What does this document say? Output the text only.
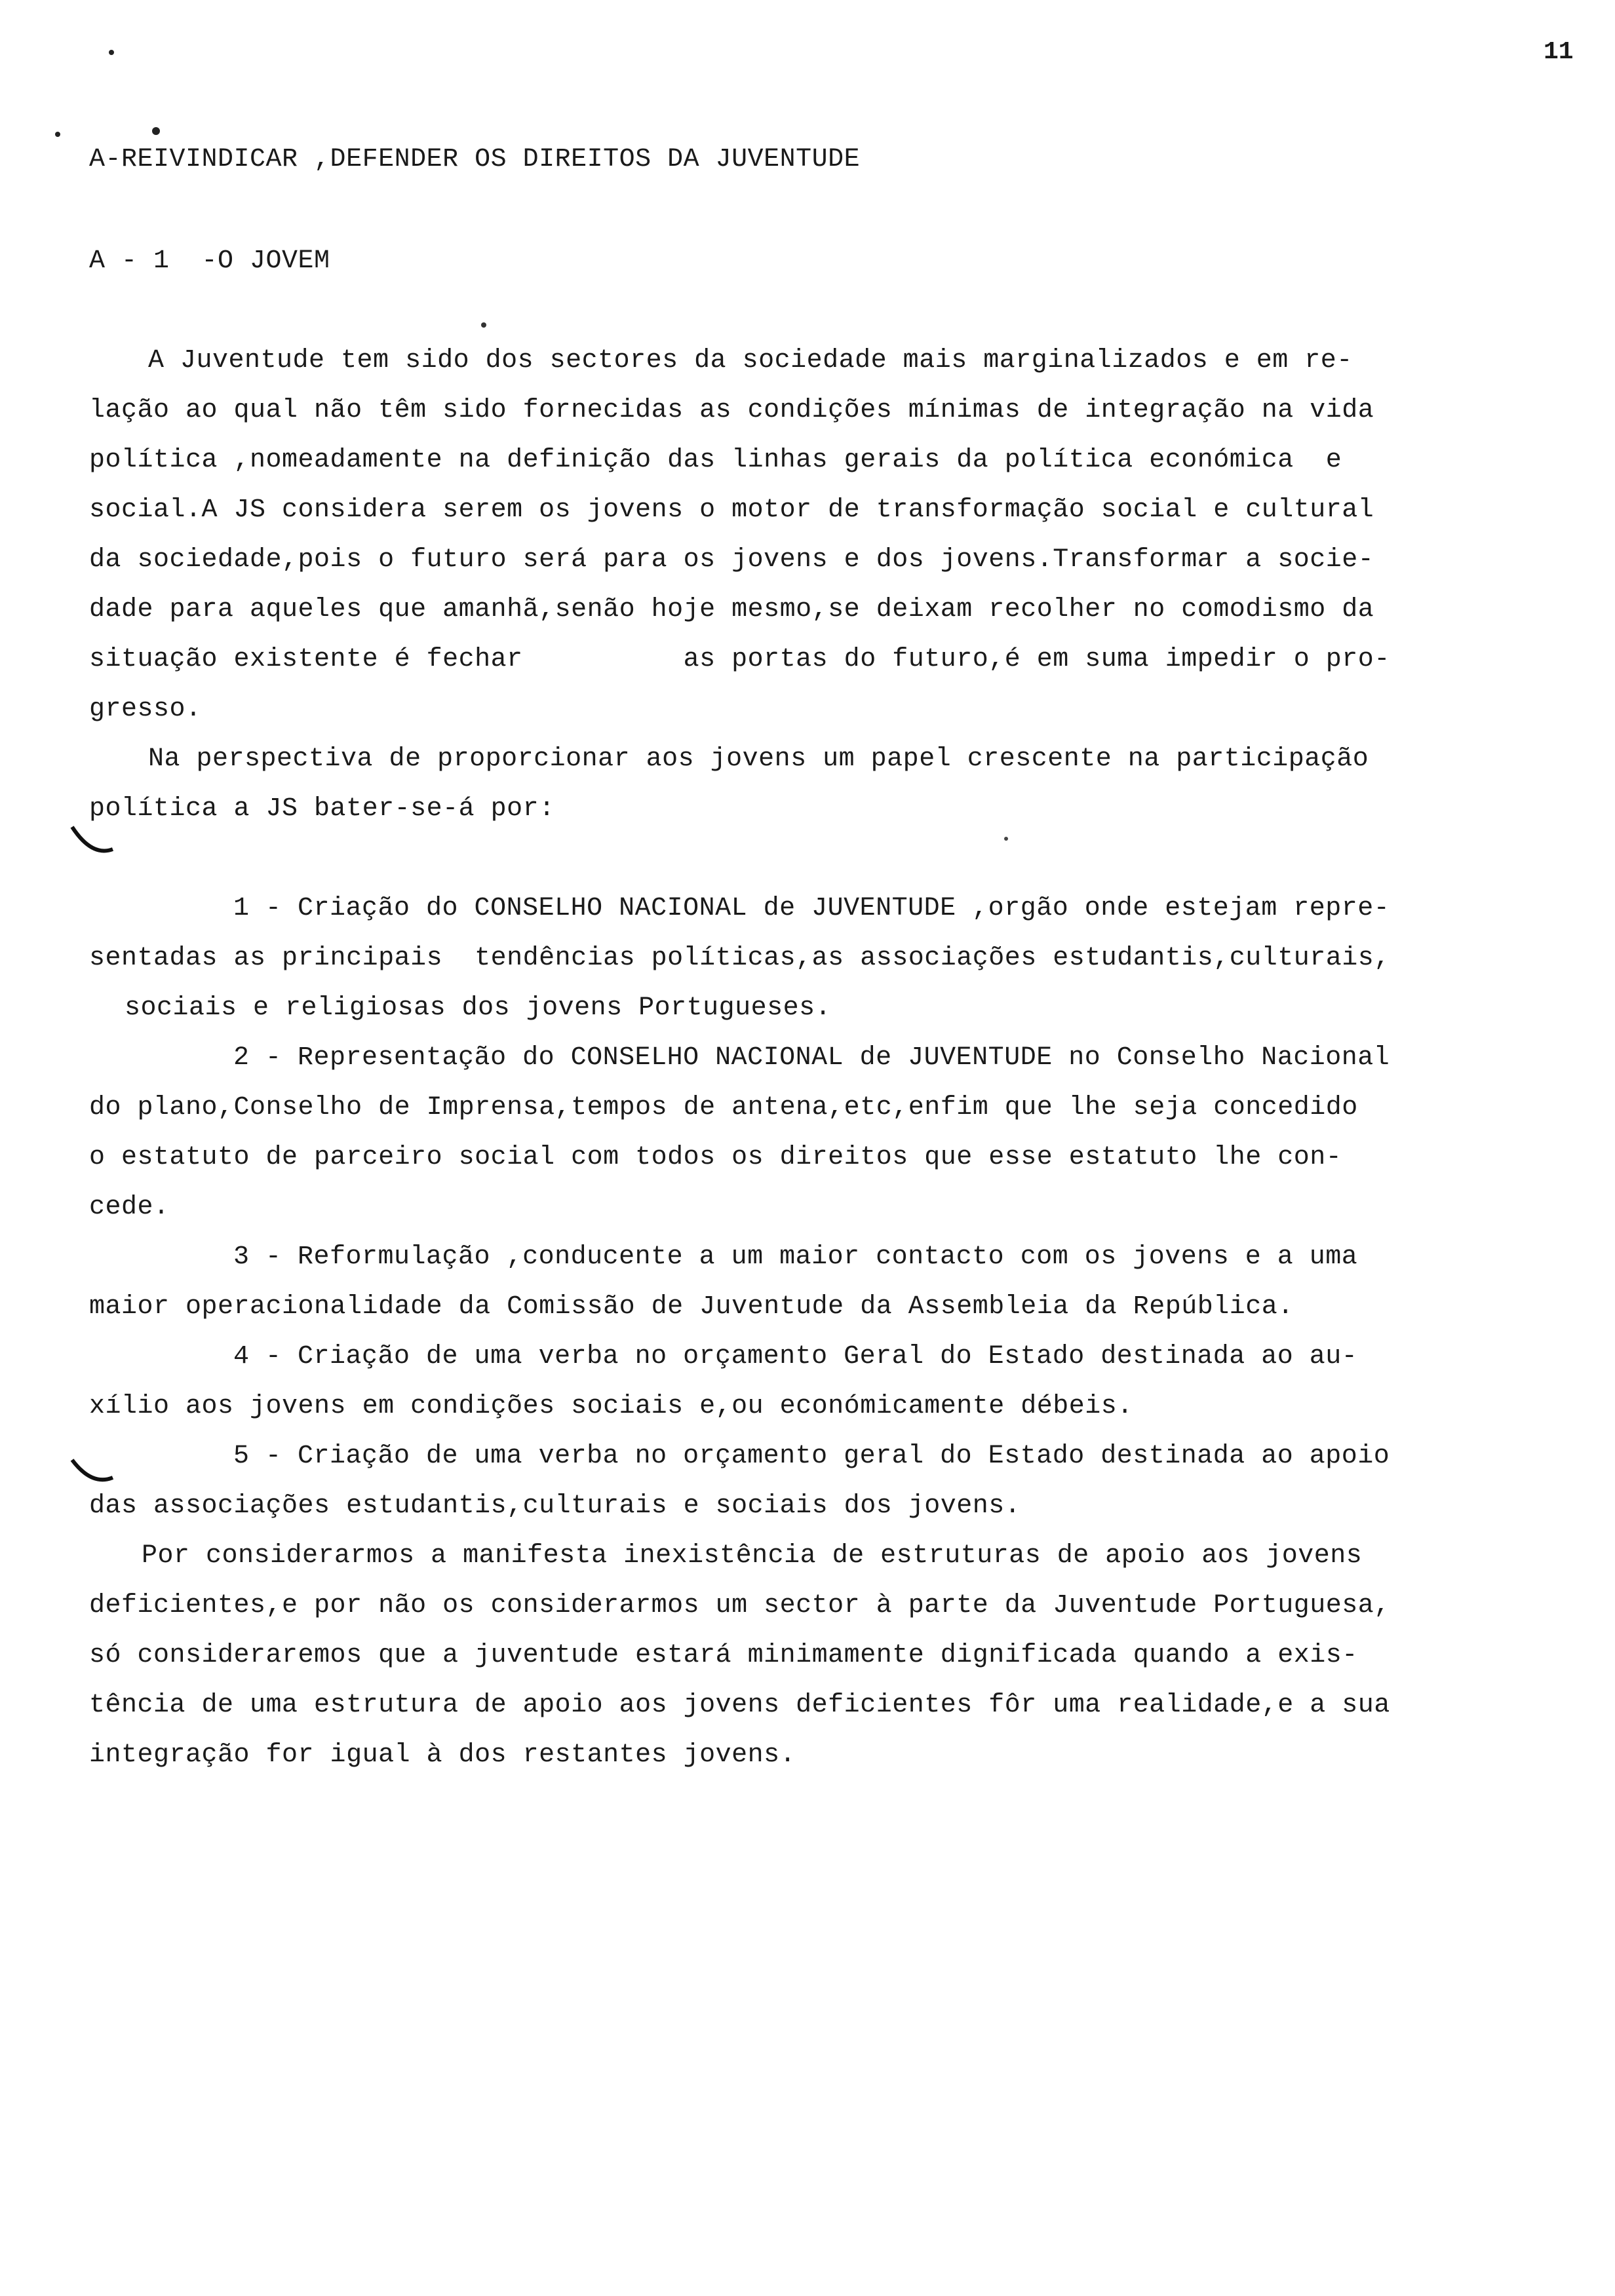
11
A-REIVINDICAR ,DEFENDER OS DIREITOS DA JUVENTUDE
A - 1  -O JOVEM
A Juventude tem sido dos sectores da sociedade mais marginalizados e em re-
lação ao qual não têm sido fornecidas as condições mínimas de integração na vida
política ,nomeadamente na definição das linhas gerais da política económica  e
social.A JS considera serem os jovens o motor de transformação social e cultural
da sociedade,pois o futuro será para os jovens e dos jovens.Transformar a socie-
dade para aqueles que amanhã,senão hoje mesmo,se deixam recolher no comodismo da
situação existente é fechar          as portas do futuro,é em suma impedir o pro-
gresso.
Na perspectiva de proporcionar aos jovens um papel crescente na participação
política a JS bater-se-á por:
1 - Criação do CONSELHO NACIONAL de JUVENTUDE ,orgão onde estejam repre-
sentadas as principais  tendências políticas,as associações estudantis,culturais,
sociais e religiosas dos jovens Portugueses.
2 - Representação do CONSELHO NACIONAL de JUVENTUDE no Conselho Nacional
do plano,Conselho de Imprensa,tempos de antena,etc,enfim que lhe seja concedido
o estatuto de parceiro social com todos os direitos que esse estatuto lhe con-
cede.
3 - Reformulação ,conducente a um maior contacto com os jovens e a uma
maior operacionalidade da Comissão de Juventude da Assembleia da República.
4 - Criação de uma verba no orçamento Geral do Estado destinada ao au-
xílio aos jovens em condições sociais e,ou económicamente débeis.
5 - Criação de uma verba no orçamento geral do Estado destinada ao apoio
das associações estudantis,culturais e sociais dos jovens.
Por considerarmos a manifesta inexistência de estruturas de apoio aos jovens
deficientes,e por não os considerarmos um sector à parte da Juventude Portuguesa,
só consideraremos que a juventude estará minimamente dignificada quando a exis-
tência de uma estrutura de apoio aos jovens deficientes fôr uma realidade,e a sua
integração for igual à dos restantes jovens.
